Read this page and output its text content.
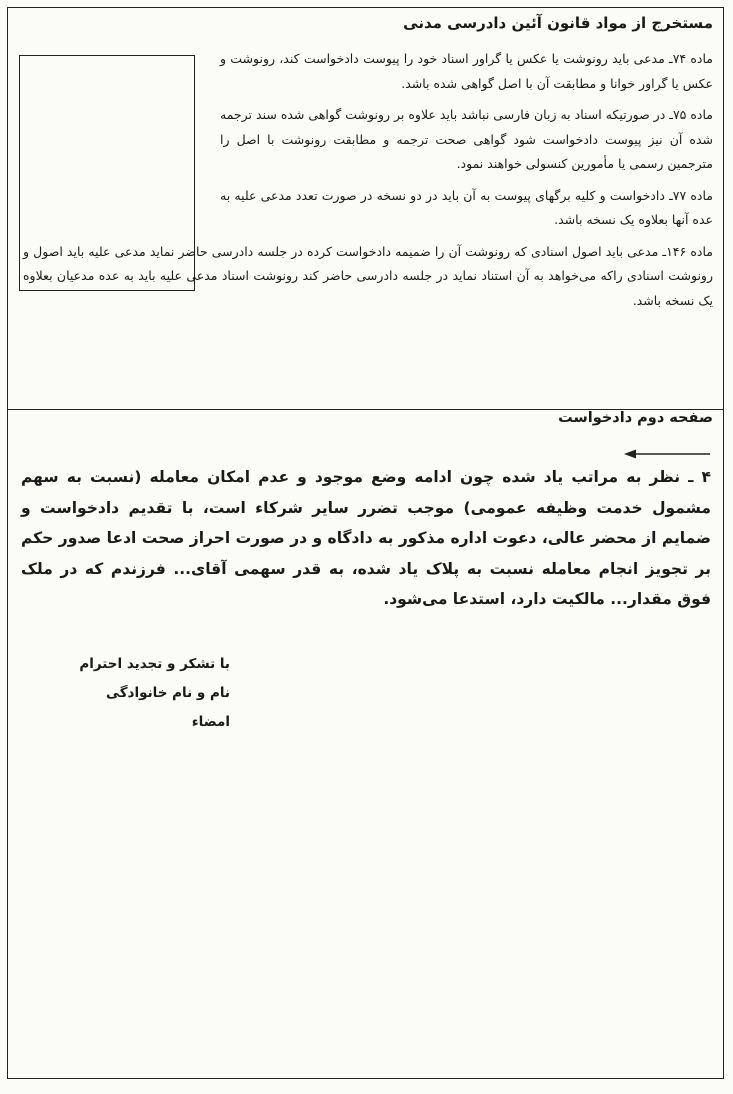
مستخرج از مواد قانون آئین دادرسی مدنی

ماده ۷۴ـ مدعی باید رونوشت یا عکس یا گراور اسناد خود را پیوست دادخواست کند، رونوشت و عکس یا گراور خوانا و مطابقت آن با اصل گواهی شده باشد.

ماده ۷۵ـ در صورتیکه اسناد به زبان فارسی نباشد باید علاوه بر رونوشت گواهی شده سند ترجمه شده آن نیز پیوست دادخواست شود گواهی صحت ترجمه و مطابقت رونوشت با اصل را مترجمین رسمی یا مأمورین کنسولی خواهند نمود.

ماده ۷۷ـ دادخواست و کلیه برگهای پیوست به آن باید در دو نسخه در صورت تعدد مدعی علیه به عده آنها بعلاوه یک نسخه باشد.

ماده ۱۴۶ـ مدعی باید اصول اسنادی که رونوشت آن را ضمیمه دادخواست کرده در جلسه دادرسی حاضر نماید مدعی علیه باید اصول و رونوشت اسنادی راکه می‌خواهد به آن استناد نماید در جلسه دادرسی حاضر کند رونوشت اسناد مدعی علیه باید به عده مدعیان بعلاوه یک نسخه باشد.

صفحه دوم دادخواست

۴ ـ نظر به مراتب یاد شده چون ادامه وضع موجود و عدم امکان معامله (نسبت به سهم مشمول خدمت وظیفه عمومی) موجب تضرر سایر شرکاء است، با تقدیم دادخواست و ضمایم از محضر عالی، دعوت اداره مذکور به دادگاه و در صورت احراز صحت ادعا صدور حکم بر تجویز انجام معامله نسبت به پلاک یاد شده، به قدر سهمی آقای... فرزندم که در ملک فوق مقدار... مالکیت دارد، استدعا می‌شود.

با تشکر و تجدید احترام
نام و نام خانوادگی
امضاء
